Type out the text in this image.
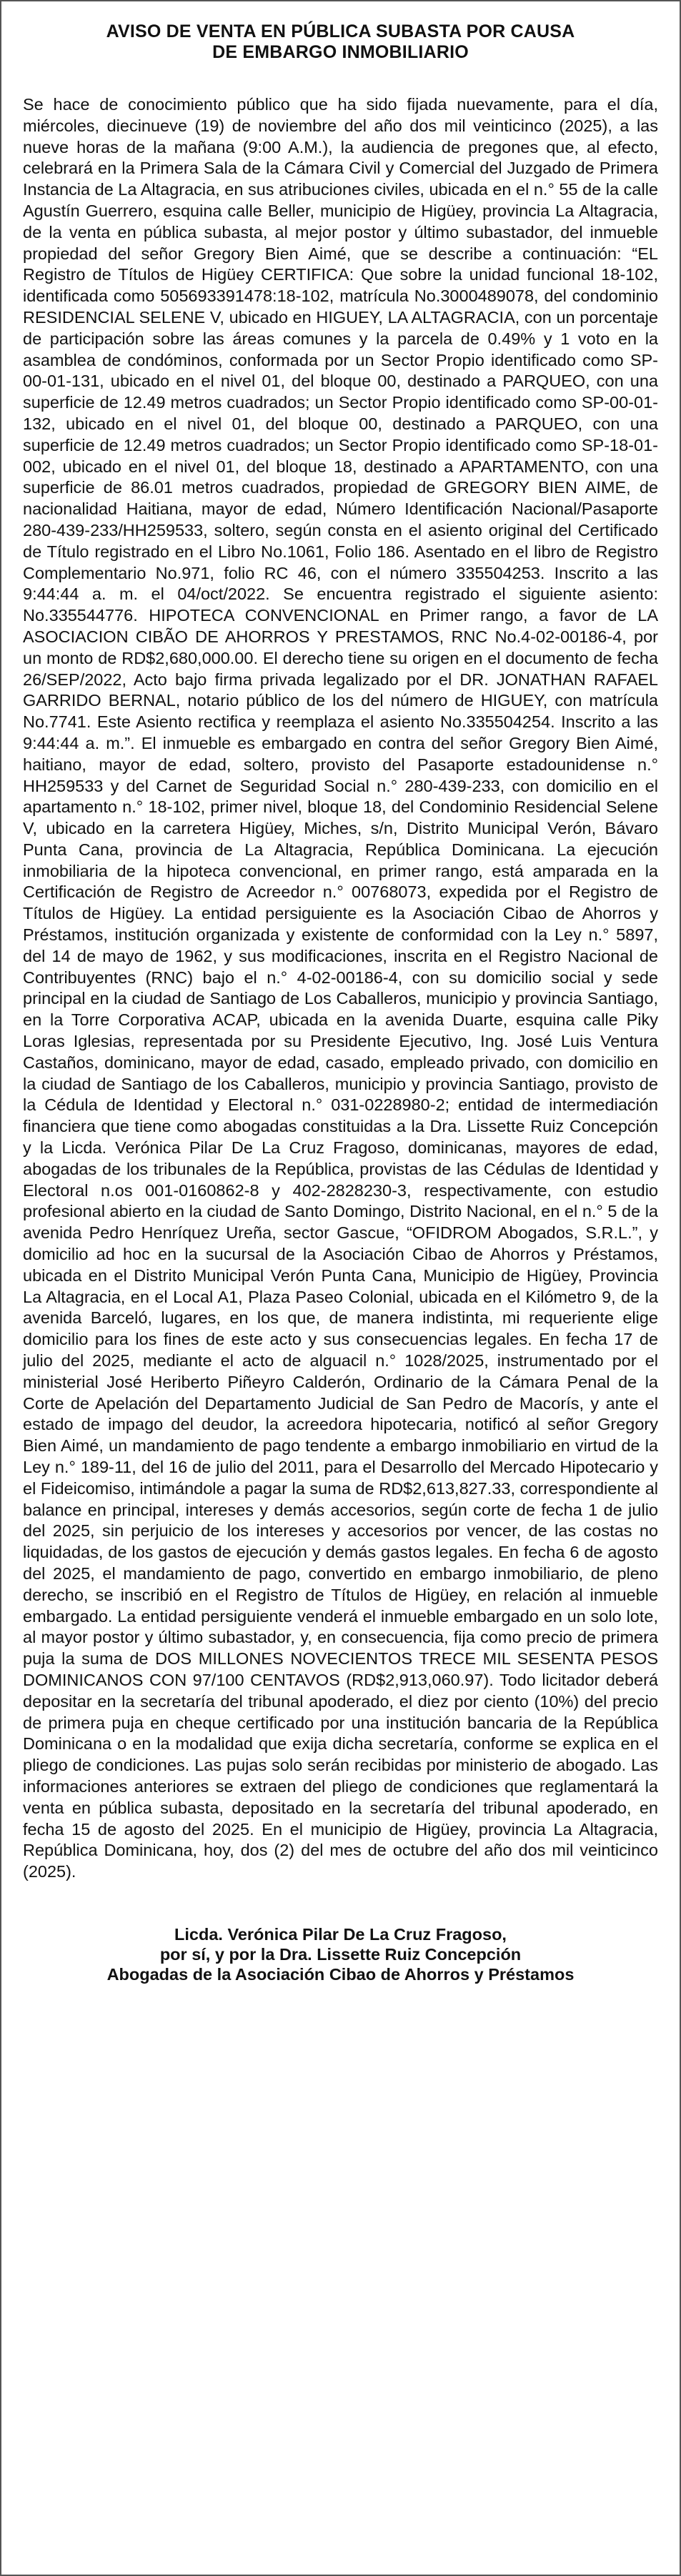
AVISO DE VENTA EN PÚBLICA SUBASTA POR CAUSA
DE EMBARGO INMOBILIARIO

Se hace de conocimiento público que ha sido fijada nuevamente, para el día, miércoles, diecinueve (19) de noviembre del año dos mil veinticinco (2025), a las nueve horas de la mañana (9:00 A.M.), la audiencia de pregones que, al efecto, celebrará en la Primera Sala de la Cámara Civil y Comercial del Juzgado de Primera Instancia de La Altagracia, en sus atribuciones civiles, ubicada en el n.° 55 de la calle Agustín Guerrero, esquina calle Beller, municipio de Higüey, provincia La Altagracia, de la venta en pública subasta, al mejor postor y último subastador, del inmueble propiedad del señor Gregory Bien Aimé, que se describe a continuación: “EL Registro de Títulos de Higüey CERTIFICA: Que sobre la unidad funcional 18-102, identificada como 505693391478:18-102, matrícula No.3000489078, del condominio RESIDENCIAL SELENE V, ubicado en HIGUEY, LA ALTAGRACIA, con un porcentaje de participación sobre las áreas comunes y la parcela de 0.49% y 1 voto en la asamblea de condóminos, conformada por un Sector Propio identificado como SP-00-01-131, ubicado en el nivel 01, del bloque 00, destinado a PARQUEO, con una superficie de 12.49 metros cuadrados; un Sector Propio identificado como SP-00-01-132, ubicado en el nivel 01, del bloque 00, destinado a PARQUEO, con una superficie de 12.49 metros cuadrados; un Sector Propio identificado como SP-18-01-002, ubicado en el nivel 01, del bloque 18, destinado a APARTAMENTO, con una superficie de 86.01 metros cuadrados, propiedad de GREGORY BIEN AIME, de nacionalidad Haitiana, mayor de edad, Número Identificación Nacional/Pasaporte 280-439-233/HH259533, soltero, según consta en el asiento original del Certificado de Título registrado en el Libro No.1061, Folio 186. Asentado en el libro de Registro Complementario No.971, folio RC 46, con el número 335504253. Inscrito a las 9:44:44 a. m. el 04/oct/2022. Se encuentra registrado el siguiente asiento: No.335544776. HIPOTECA CONVENCIONAL en Primer rango, a favor de LA ASOCIACION CIBÃO DE AHORROS Y PRESTAMOS, RNC No.4-02-00186-4, por un monto de RD$2,680,000.00. El derecho tiene su origen en el documento de fecha 26/SEP/2022, Acto bajo firma privada legalizado por el DR. JONATHAN RAFAEL GARRIDO BERNAL, notario público de los del número de HIGUEY, con matrícula No.7741. Este Asiento rectifica y reemplaza el asiento No.335504254. Inscrito a las 9:44:44 a. m.”. El inmueble es embargado en contra del señor Gregory Bien Aimé, haitiano, mayor de edad, soltero, provisto del Pasaporte estadounidense n.° HH259533 y del Carnet de Seguridad Social n.° 280-439-233, con domicilio en el apartamento n.° 18-102, primer nivel, bloque 18, del Condominio Residencial Selene V, ubicado en la carretera Higüey, Miches, s/n, Distrito Municipal Verón, Bávaro Punta Cana, provincia de La Altagracia, República Dominicana. La ejecución inmobiliaria de la hipoteca convencional, en primer rango, está amparada en la Certificación de Registro de Acreedor n.° 00768073, expedida por el Registro de Títulos de Higüey. La entidad persiguiente es la Asociación Cibao de Ahorros y Préstamos, institución organizada y existente de conformidad con la Ley n.° 5897, del 14 de mayo de 1962, y sus modificaciones, inscrita en el Registro Nacional de Contribuyentes (RNC) bajo el n.° 4-02-00186-4, con su domicilio social y sede principal en la ciudad de Santiago de Los Caballeros, municipio y provincia Santiago, en la Torre Corporativa ACAP, ubicada en la avenida Duarte, esquina calle Piky Loras Iglesias, representada por su Presidente Ejecutivo, Ing. José Luis Ventura Castaños, dominicano, mayor de edad, casado, empleado privado, con domicilio en la ciudad de Santiago de los Caballeros, municipio y provincia Santiago, provisto de la Cédula de Identidad y Electoral n.° 031-0228980-2; entidad de intermediación financiera que tiene como abogadas constituidas a la Dra. Lissette Ruiz Concepción y la Licda. Verónica Pilar De La Cruz Fragoso, dominicanas, mayores de edad, abogadas de los tribunales de la República, provistas de las Cédulas de Identidad y Electoral n.os 001-0160862-8 y 402-2828230-3, respectivamente, con estudio profesional abierto en la ciudad de Santo Domingo, Distrito Nacional, en el n.° 5 de la avenida Pedro Henríquez Ureña, sector Gascue, “OFIDROM Abogados, S.R.L.”, y domicilio ad hoc en la sucursal de la Asociación Cibao de Ahorros y Préstamos, ubicada en el Distrito Municipal Verón Punta Cana, Municipio de Higüey, Provincia La Altagracia, en el Local A1, Plaza Paseo Colonial, ubicada en el Kilómetro 9, de la avenida Barceló, lugares, en los que, de manera indistinta, mi requeriente elige domicilio para los fines de este acto y sus consecuencias legales. En fecha 17 de julio del 2025, mediante el acto de alguacil n.° 1028/2025, instrumentado por el ministerial José Heriberto Piñeyro Calderón, Ordinario de la Cámara Penal de la Corte de Apelación del Departamento Judicial de San Pedro de Macorís, y ante el estado de impago del deudor, la acreedora hipotecaria, notificó al señor Gregory Bien Aimé, un mandamiento de pago tendente a embargo inmobiliario en virtud de la Ley n.° 189-11, del 16 de julio del 2011, para el Desarrollo del Mercado Hipotecario y el Fideicomiso, intimándole a pagar la suma de RD$2,613,827.33, correspondiente al balance en principal, intereses y demás accesorios, según corte de fecha 1 de julio del 2025, sin perjuicio de los intereses y accesorios por vencer, de las costas no liquidadas, de los gastos de ejecución y demás gastos legales. En fecha 6 de agosto del 2025, el mandamiento de pago, convertido en embargo inmobiliario, de pleno derecho, se inscribió en el Registro de Títulos de Higüey, en relación al inmueble embargado. La entidad persiguiente venderá el inmueble embargado en un solo lote, al mayor postor y último subastador, y, en consecuencia, fija como precio de primera puja la suma de DOS MILLONES NOVECIENTOS TRECE MIL SESENTA PESOS DOMINICANOS CON 97/100 CENTAVOS (RD$2,913,060.97). Todo licitador deberá depositar en la secretaría del tribunal apoderado, el diez por ciento (10%) del precio de primera puja en cheque certificado por una institución bancaria de la República Dominicana o en la modalidad que exija dicha secretaría, conforme se explica en el pliego de condiciones. Las pujas solo serán recibidas por ministerio de abogado. Las informaciones anteriores se extraen del pliego de condiciones que reglamentará la venta en pública subasta, depositado en la secretaría del tribunal apoderado, en fecha 15 de agosto del 2025. En el municipio de Higüey, provincia La Altagracia, República Dominicana, hoy, dos (2) del mes de octubre del año dos mil veinticinco (2025).

Licda. Verónica Pilar De La Cruz Fragoso,
por sí, y por la Dra. Lissette Ruiz Concepción
Abogadas de la Asociación Cibao de Ahorros y Préstamos
